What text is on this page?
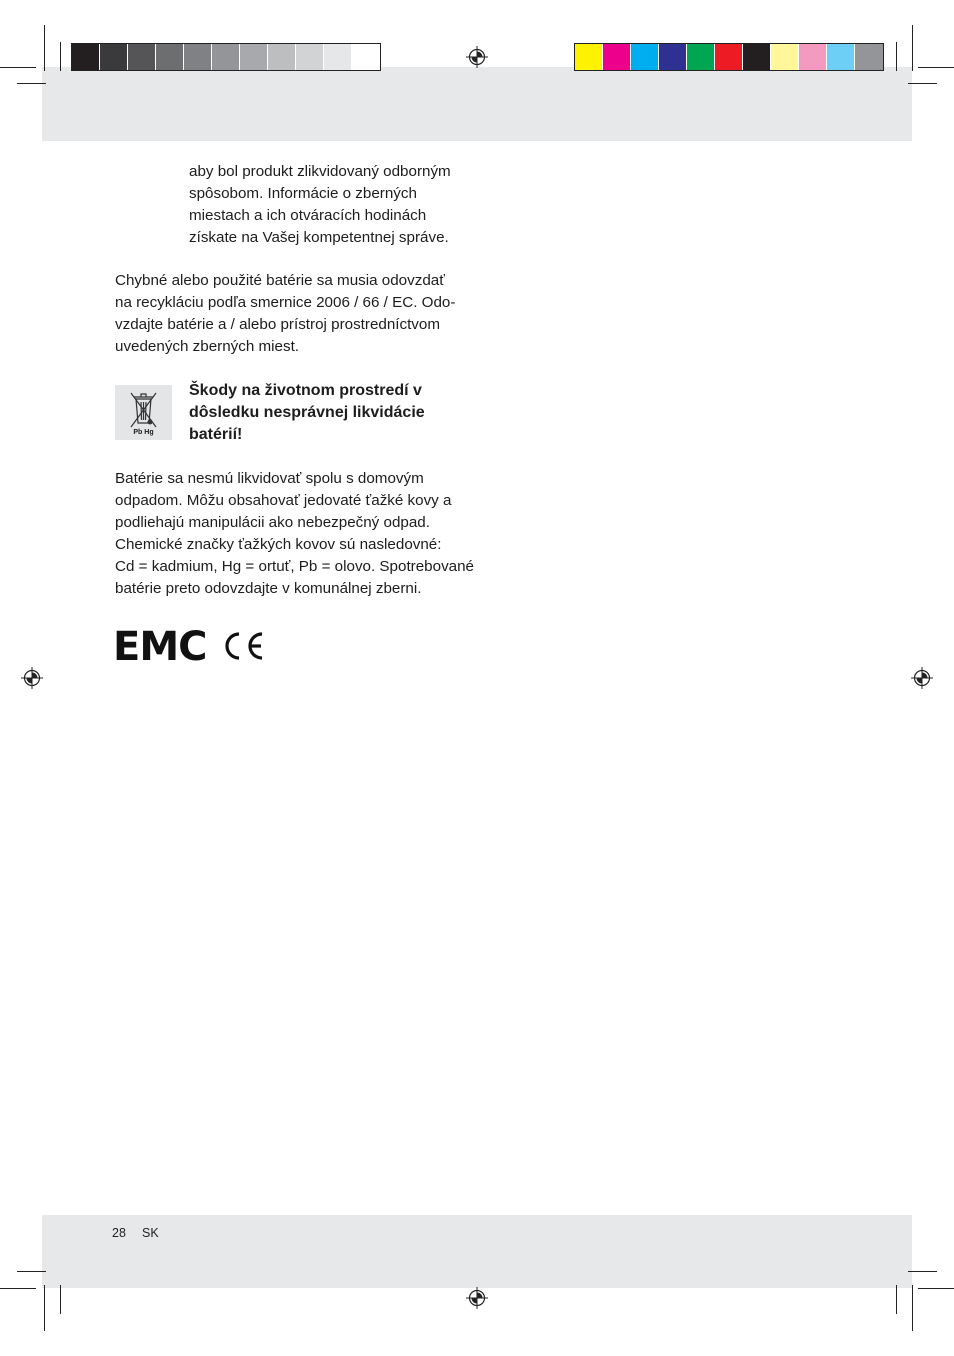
aby bol produkt zlikvidovaný odborným
spôsobom. Informácie o zberných
miestach a ich otváracích hodinách
získate na Vašej kompetentnej správe.
Chybné alebo použité batérie sa musia odovzdať
na recykláciu podľa smernice 2006 / 66 / EC. Odo-
vzdajte batérie a / alebo prístroj prostredníctvom
uvedených zberných miest.
Pb Hg
Škody na životnom prostredí v
dôsledku nesprávnej likvidácie
batérií!
Batérie sa nesmú likvidovať spolu s domovým
odpadom. Môžu obsahovať jedovaté ťažké kovy a
podliehajú manipulácii ako nebezpečný odpad.
Chemické značky ťažkých kovov sú nasledovné:
Cd = kadmium, Hg = ortuť, Pb = olovo. Spotrebované
batérie preto odovzdajte v komunálnej zberni.
EMC
28 SK
